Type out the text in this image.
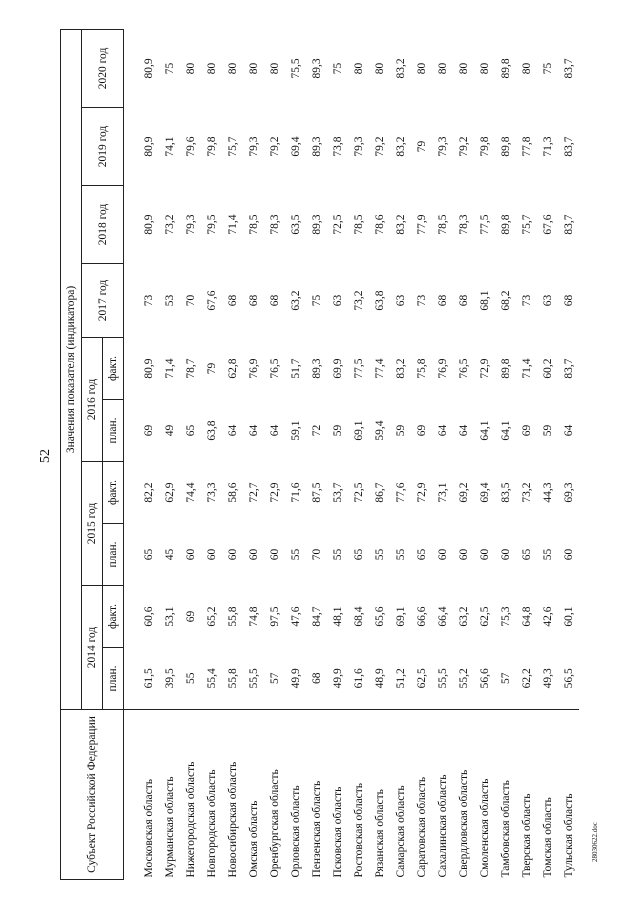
52
28030622.doc
Субъект Российской Федерации	Значения показателя (индикатора)									
	2014 год		2015 год		2016 год		2017 год	2018 год	2019 год	2020 год
	план.	факт.	план.	факт.	план.	факт.				
Московская область	61,5	60,6	65	82,2	69	80,9	73	80,9	80,9	80,9
Мурманская область	39,5	53,1	45	62,9	49	71,4	53	73,2	74,1	75
Нижегородская область	55	69	60	74,4	65	78,7	70	79,3	79,6	80
Новгородская область	55,4	65,2	60	73,3	63,8	79	67,6	79,5	79,8	80
Новосибирская область	55,8	55,8	60	58,6	64	62,8	68	71,4	75,7	80
Омская область	55,5	74,8	60	72,7	64	76,9	68	78,5	79,3	80
Оренбургская область	57	97,5	60	72,9	64	76,5	68	78,3	79,2	80
Орловская область	49,9	47,6	55	71,6	59,1	51,7	63,2	63,5	69,4	75,5
Пензенская область	68	84,7	70	87,5	72	89,3	75	89,3	89,3	89,3
Псковская область	49,9	48,1	55	53,7	59	69,9	63	72,5	73,8	75
Ростовская область	61,6	68,4	65	72,5	69,1	77,5	73,2	78,5	79,3	80
Рязанская область	48,9	65,6	55	86,7	59,4	77,4	63,8	78,6	79,2	80
Самарская область	51,2	69,1	55	77,6	59	83,2	63	83,2	83,2	83,2
Саратовская область	62,5	66,6	65	72,9	69	75,8	73	77,9	79	80
Сахалинская область	55,5	66,4	60	73,1	64	76,9	68	78,5	79,3	80
Свердловская область	55,2	63,2	60	69,2	64	76,5	68	78,3	79,2	80
Смоленская область	56,6	62,5	60	69,4	64,1	72,9	68,1	77,5	79,8	80
Тамбовская область	57	75,3	60	83,5	64,1	89,8	68,2	89,8	89,8	89,8
Тверская область	62,2	64,8	65	73,2	69	71,4	73	75,7	77,8	80
Томская область	49,3	42,6	55	44,3	59	60,2	63	67,6	71,3	75
Тульская область	56,5	60,1	60	69,3	64	83,7	68	83,7	83,7	83,7
